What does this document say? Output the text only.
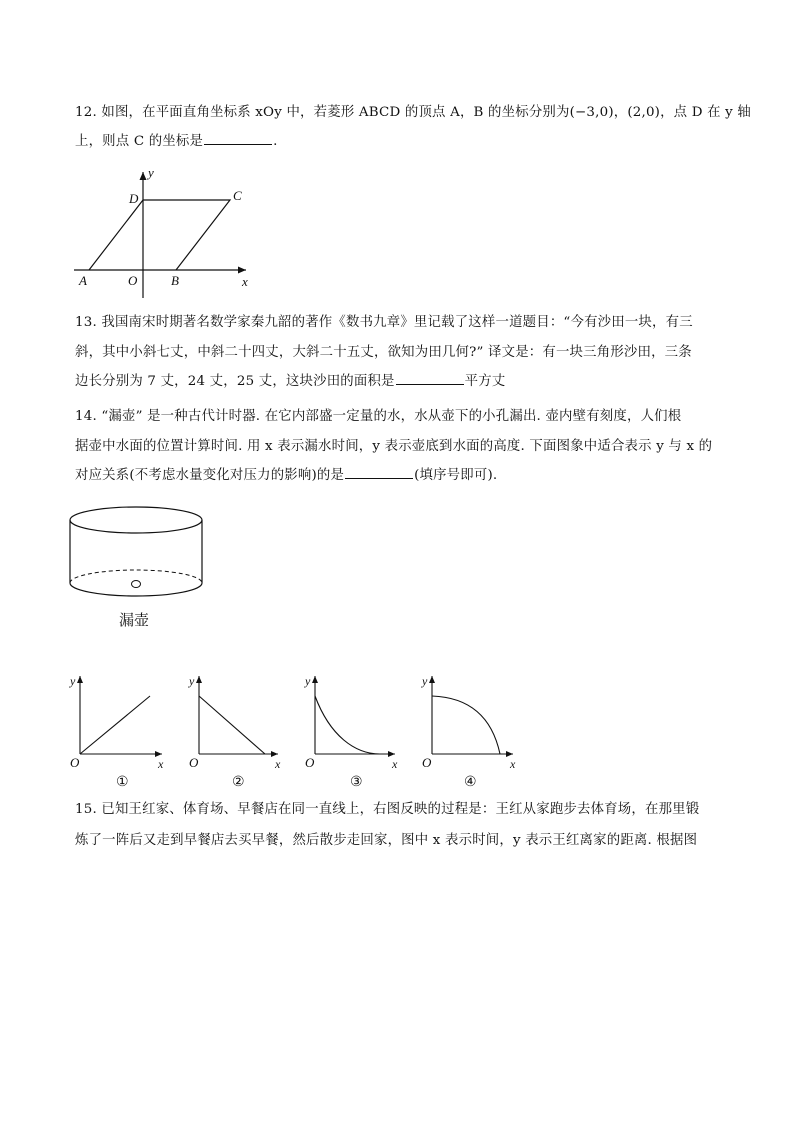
12. 如图，在平面直角坐标系 xOy 中，若菱形 ABCD 的顶点 A，B 的坐标分别为(−3,0)，(2,0)，点 D 在 y 轴
上，则点 C 的坐标是	.
y
x
D	C
A	O	B
13. 我国南宋时期著名数学家秦九韶的著作《数书九章》里记载了这样一道题目：“今有沙田一块，有三
斜，其中小斜七丈，中斜二十四丈，大斜二十五丈，欲知为田几何?” 译文是：有一块三角形沙田，三条
边长分别为 7 丈，24 丈，25 丈，这块沙田的面积是	平方丈
14. “漏壶” 是一种古代计时器. 在它内部盛一定量的水，水从壶下的小孔漏出. 壶内壁有刻度，人们根
据壶中水面的位置计算时间. 用 x 表示漏水时间，y 表示壶底到水面的高度. 下面图象中适合表示 y 与 x 的
对应关系(不考虑水量变化对压力的影响)的是	(填序号即可).
漏壶
y
x
O
①
y
x
O
②
y
x
O
③
y
x
O
④
15. 已知王红家、体育场、早餐店在同一直线上，右图反映的过程是：王红从家跑步去体育场，在那里锻
炼了一阵后又走到早餐店去买早餐，然后散步走回家，图中 x 表示时间，y 表示王红离家的距离. 根据图
